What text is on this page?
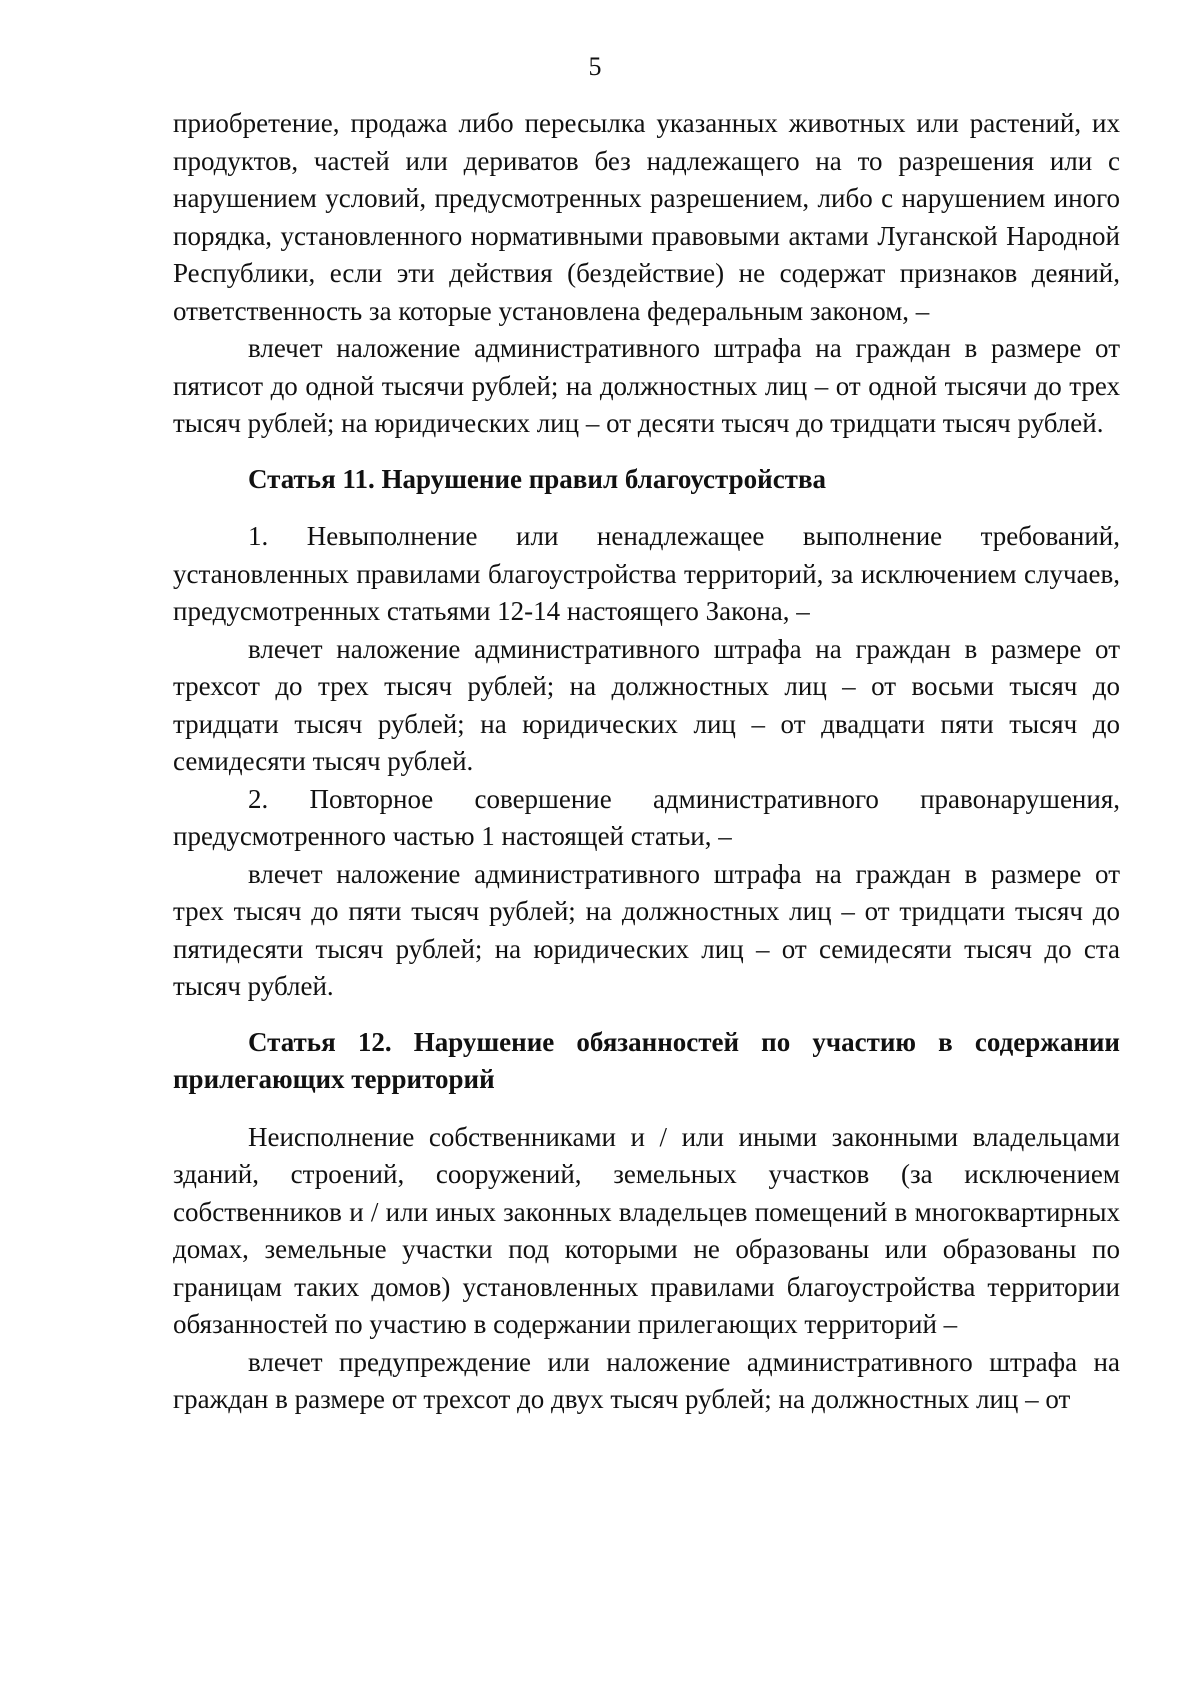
5

приобретение, продажа либо пересылка указанных животных или растений, их продуктов, частей или дериватов без надлежащего на то разрешения или с нарушением условий, предусмотренных разрешением, либо с нарушением иного порядка, установленного нормативными правовыми актами Луганской Народной Республики, если эти действия (бездействие) не содержат признаков деяний, ответственность за которые установлена федеральным законом, –

влечет наложение административного штрафа на граждан в размере от пятисот до одной тысячи рублей; на должностных лиц – от одной тысячи до трех тысяч рублей; на юридических лиц – от десяти тысяч до тридцати тысяч рублей.

Статья 11. Нарушение правил благоустройства

1. Невыполнение или ненадлежащее выполнение требований, установленных правилами благоустройства территорий, за исключением случаев, предусмотренных статьями 12-14 настоящего Закона, –

влечет наложение административного штрафа на граждан в размере от трехсот до трех тысяч рублей; на должностных лиц – от восьми тысяч до тридцати тысяч рублей; на юридических лиц – от двадцати пяти тысяч до семидесяти тысяч рублей.

2. Повторное совершение административного правонарушения, предусмотренного частью 1 настоящей статьи, –

влечет наложение административного штрафа на граждан в размере от трех тысяч до пяти тысяч рублей; на должностных лиц – от тридцати тысяч до пятидесяти тысяч рублей; на юридических лиц – от семидесяти тысяч до ста тысяч рублей.

Статья 12. Нарушение обязанностей по участию в содержании прилегающих территорий

Неисполнение собственниками и / или иными законными владельцами зданий, строений, сооружений, земельных участков (за исключением собственников и / или иных законных владельцев помещений в многоквартирных домах, земельные участки под которыми не образованы или образованы по границам таких домов) установленных правилами благоустройства территории обязанностей по участию в содержании прилегающих территорий –

влечет предупреждение или наложение административного штрафа на граждан в размере от трехсот до двух тысяч рублей; на должностных лиц – от
